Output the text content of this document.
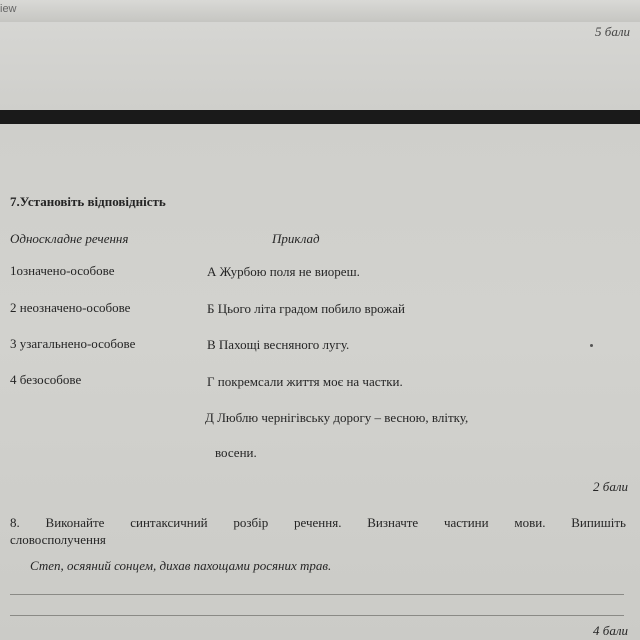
iew
5 бали
7.Установіть відповідність
Односкладне речення	Приклад
1означено-особове
2 неозначено-особове
3 узагальнено-особове
4 безособове
А Журбою поля не виореш.
Б Цього літа градом побило врожай
В Пахощі весняного лугу.
Г покремсали життя моє на частки.
Д Люблю чернігівську дорогу – весною, влітку,
восени.
2 бали
8. Виконайте синтаксичний розбір речення. Визначте частини мови. Випишіть
словосполучення
Степ, осяяний сонцем, дихав пахощами росяних трав.
4 бали
